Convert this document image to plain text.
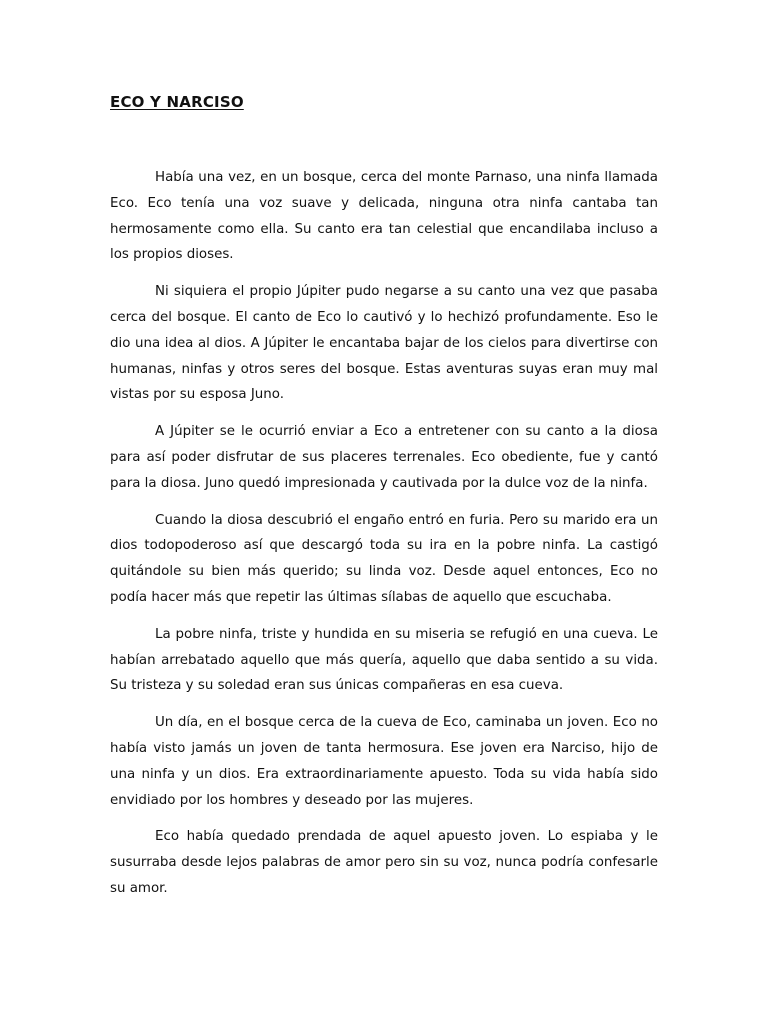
ECO Y NARCISO

Había una vez, en un bosque, cerca del monte Parnaso, una ninfa llamada Eco. Eco tenía una voz suave y delicada, ninguna otra ninfa cantaba tan hermosamente como ella. Su canto era tan celestial que encandilaba incluso a los propios dioses.

Ni siquiera el propio Júpiter pudo negarse a su canto una vez que pasaba cerca del bosque. El canto de Eco lo cautivó y lo hechizó profundamente. Eso le dio una idea al dios. A Júpiter le encantaba bajar de los cielos para divertirse con humanas, ninfas y otros seres del bosque. Estas aventuras suyas eran muy mal vistas por su esposa Juno.

A Júpiter se le ocurrió enviar a Eco a entretener con su canto a la diosa para así poder disfrutar de sus placeres terrenales. Eco obediente, fue y cantó para la diosa. Juno quedó impresionada y cautivada por la dulce voz de la ninfa.

Cuando la diosa descubrió el engaño entró en furia. Pero su marido era un dios todopoderoso así que descargó toda su ira en la pobre ninfa. La castigó quitándole su bien más querido; su linda voz. Desde aquel entonces, Eco no podía hacer más que repetir las últimas sílabas de aquello que escuchaba.

La pobre ninfa, triste y hundida en su miseria se refugió en una cueva. Le habían arrebatado aquello que más quería, aquello que daba sentido a su vida. Su tristeza y su soledad eran sus únicas compañeras en esa cueva.

Un día, en el bosque cerca de la cueva de Eco, caminaba un joven. Eco no había visto jamás un joven de tanta hermosura. Ese joven era Narciso, hijo de una ninfa y un dios. Era extraordinariamente apuesto. Toda su vida había sido envidiado por los hombres y deseado por las mujeres.

Eco había quedado prendada de aquel apuesto joven. Lo espiaba y le susurraba desde lejos palabras de amor pero sin su voz, nunca podría confesarle su amor.
